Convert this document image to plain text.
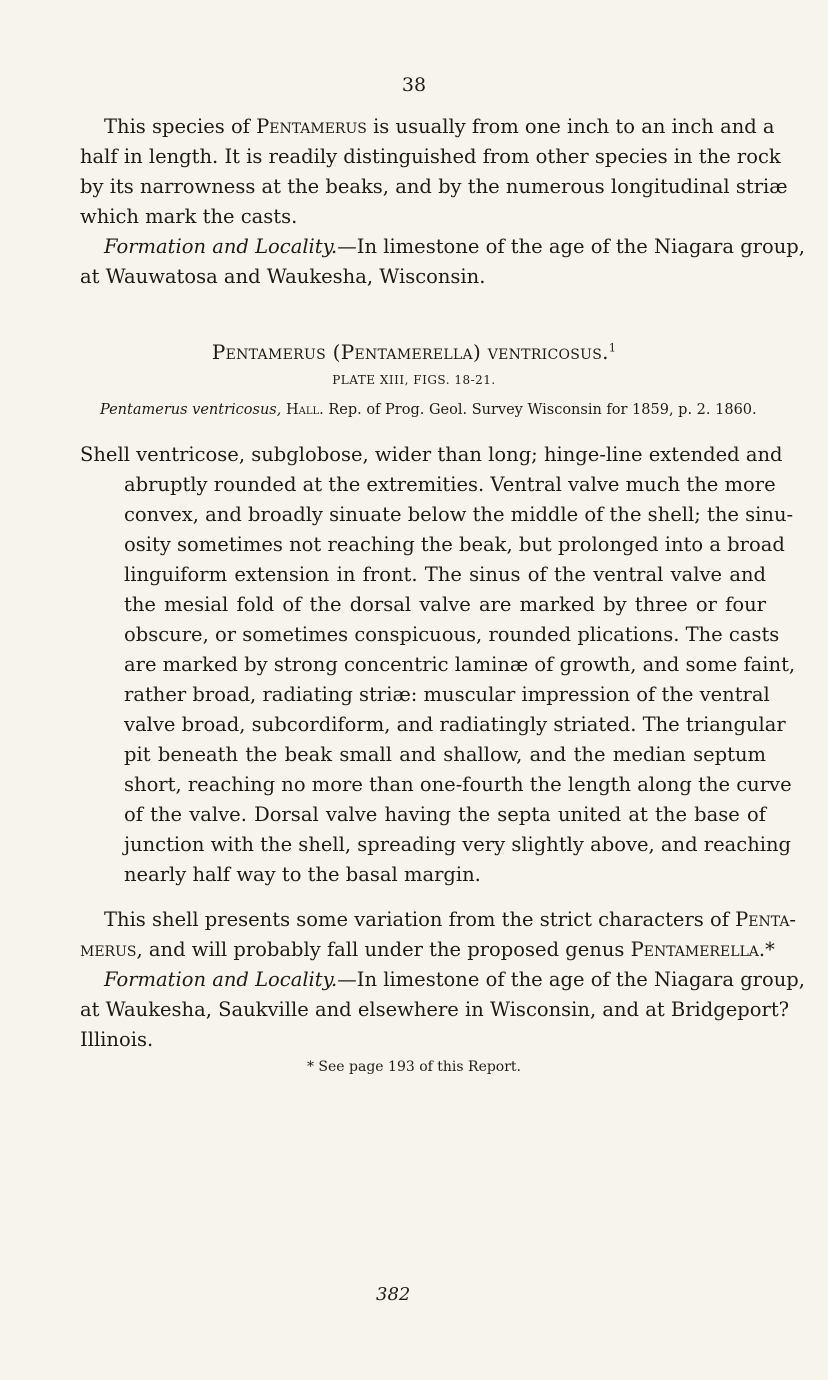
38
This species of Pentamerus is usually from one inch to an inch and a
half in length. It is readily distinguished from other species in the rock
by its narrowness at the beaks, and by the numerous longitudinal striæ
which mark the casts.
Formation and Locality.—In limestone of the age of the Niagara group,
at Wauwatosa and Waukesha, Wisconsin.
Pentamerus (Pentamerella) ventricosus.$^1$
PLATE XIII, FIGS. 18-21.
Pentamerus ventricosus, Hall. Rep. of Prog. Geol. Survey Wisconsin for 1859, p. 2. 1860.
Shell ventricose, subglobose, wider than long; hinge-line extended and
abruptly rounded at the extremities. Ventral valve much the more
convex, and broadly sinuate below the middle of the shell; the sinu-
osity sometimes not reaching the beak, but prolonged into a broad
linguiform extension in front. The sinus of the ventral valve and
the mesial fold of the dorsal valve are marked by three or four
obscure, or sometimes conspicuous, rounded plications. The casts
are marked by strong concentric laminæ of growth, and some faint,
rather broad, radiating striæ: muscular impression of the ventral
valve broad, subcordiform, and radiatingly striated. The triangular
pit beneath the beak small and shallow, and the median septum
short, reaching no more than one-fourth the length along the curve
of the valve. Dorsal valve having the septa united at the base of
junction with the shell, spreading very slightly above, and reaching
nearly half way to the basal margin.
This shell presents some variation from the strict characters of Penta-
merus, and will probably fall under the proposed genus Pentamerella.*
Formation and Locality.—In limestone of the age of the Niagara group,
at Waukesha, Saukville and elsewhere in Wisconsin, and at Bridgeport?
Illinois.
* See page 193 of this Report.
382
